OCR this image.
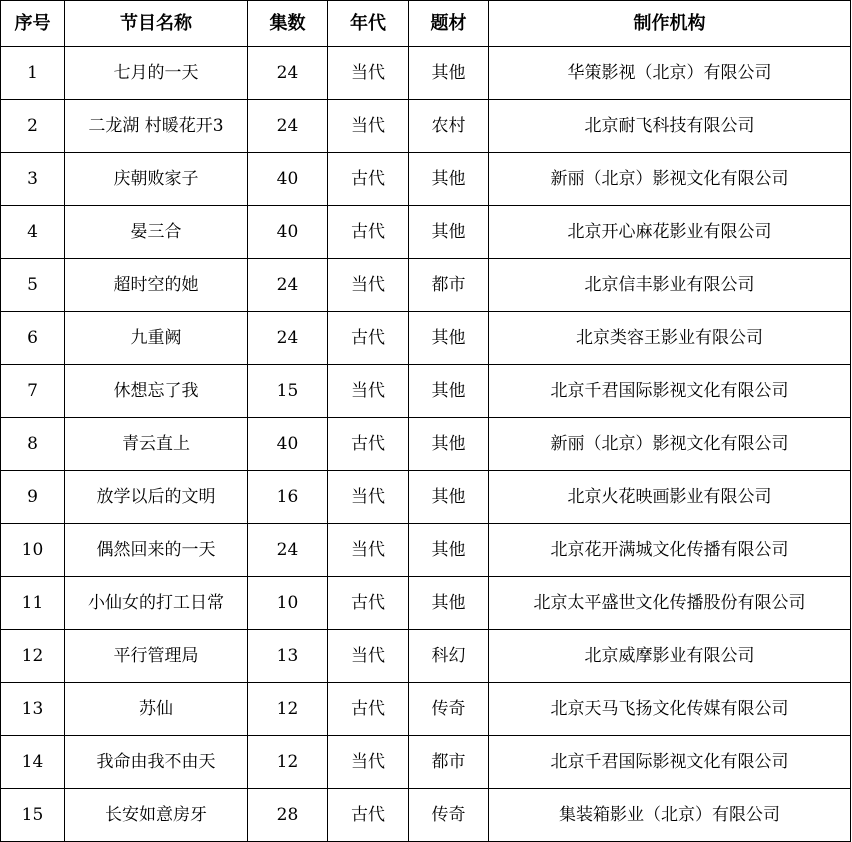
序号	节目名称	集数	年代	题材	制作机构
1	七月的一天	24	当代	其他	华策影视（北京）有限公司
2	二龙湖 村暖花开3	24	当代	农村	北京耐飞科技有限公司
3	庆朝败家子	40	古代	其他	新丽（北京）影视文化有限公司
4	晏三合	40	古代	其他	北京开心麻花影业有限公司
5	超时空的她	24	当代	都市	北京信丰影业有限公司
6	九重阙	24	古代	其他	北京类容王影业有限公司
7	休想忘了我	15	当代	其他	北京千君国际影视文化有限公司
8	青云直上	40	古代	其他	新丽（北京）影视文化有限公司
9	放学以后的文明	16	当代	其他	北京火花映画影业有限公司
10	偶然回来的一天	24	当代	其他	北京花开满城文化传播有限公司
11	小仙女的打工日常	10	古代	其他	北京太平盛世文化传播股份有限公司
12	平行管理局	13	当代	科幻	北京威摩影业有限公司
13	苏仙	12	古代	传奇	北京天马飞扬文化传媒有限公司
14	我命由我不由天	12	当代	都市	北京千君国际影视文化有限公司
15	长安如意房牙	28	古代	传奇	集装箱影业（北京）有限公司
